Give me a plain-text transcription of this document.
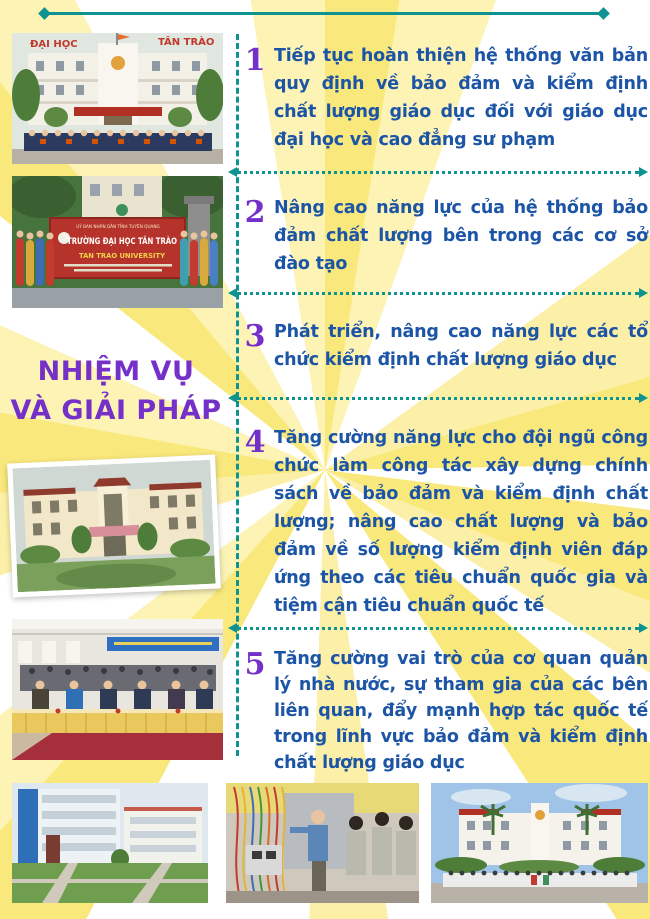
ĐẠI HỌC	TÂN TRÀO
UỶ BAN NHÂN DÂN TỈNH TUYÊN QUANG
TRƯỜNG ĐẠI HỌC TÂN TRÀO
TAN TRAO UNIVERSITY
NHIỆM VỤ
VÀ GIẢI PHÁP
1 Tiếp tục hoàn thiện hệ thống văn bản quy định về bảo đảm và kiểm định chất lượng giáo dục đối với giáo dục đại học và cao đẳng sư phạm

2 Nâng cao năng lực của hệ thống bảo đảm chất lượng bên trong các cơ sở đào tạo

3 Phát triển, nâng cao năng lực các tổ chức kiểm định chất lượng giáo dục

4 Tăng cường năng lực cho đội ngũ công chức làm công tác xây dựng chính sách về bảo đảm và kiểm định chất lượng; nâng cao chất lượng và bảo đảm về số lượng kiểm định viên đáp ứng theo các tiêu chuẩn quốc gia và tiệm cận tiêu chuẩn quốc tế

5 Tăng cường vai trò của cơ quan quản lý nhà nước, sự tham gia của các bên liên quan, đẩy mạnh hợp tác quốc tế trong lĩnh vực bảo đảm và kiểm định chất lượng giáo dục
